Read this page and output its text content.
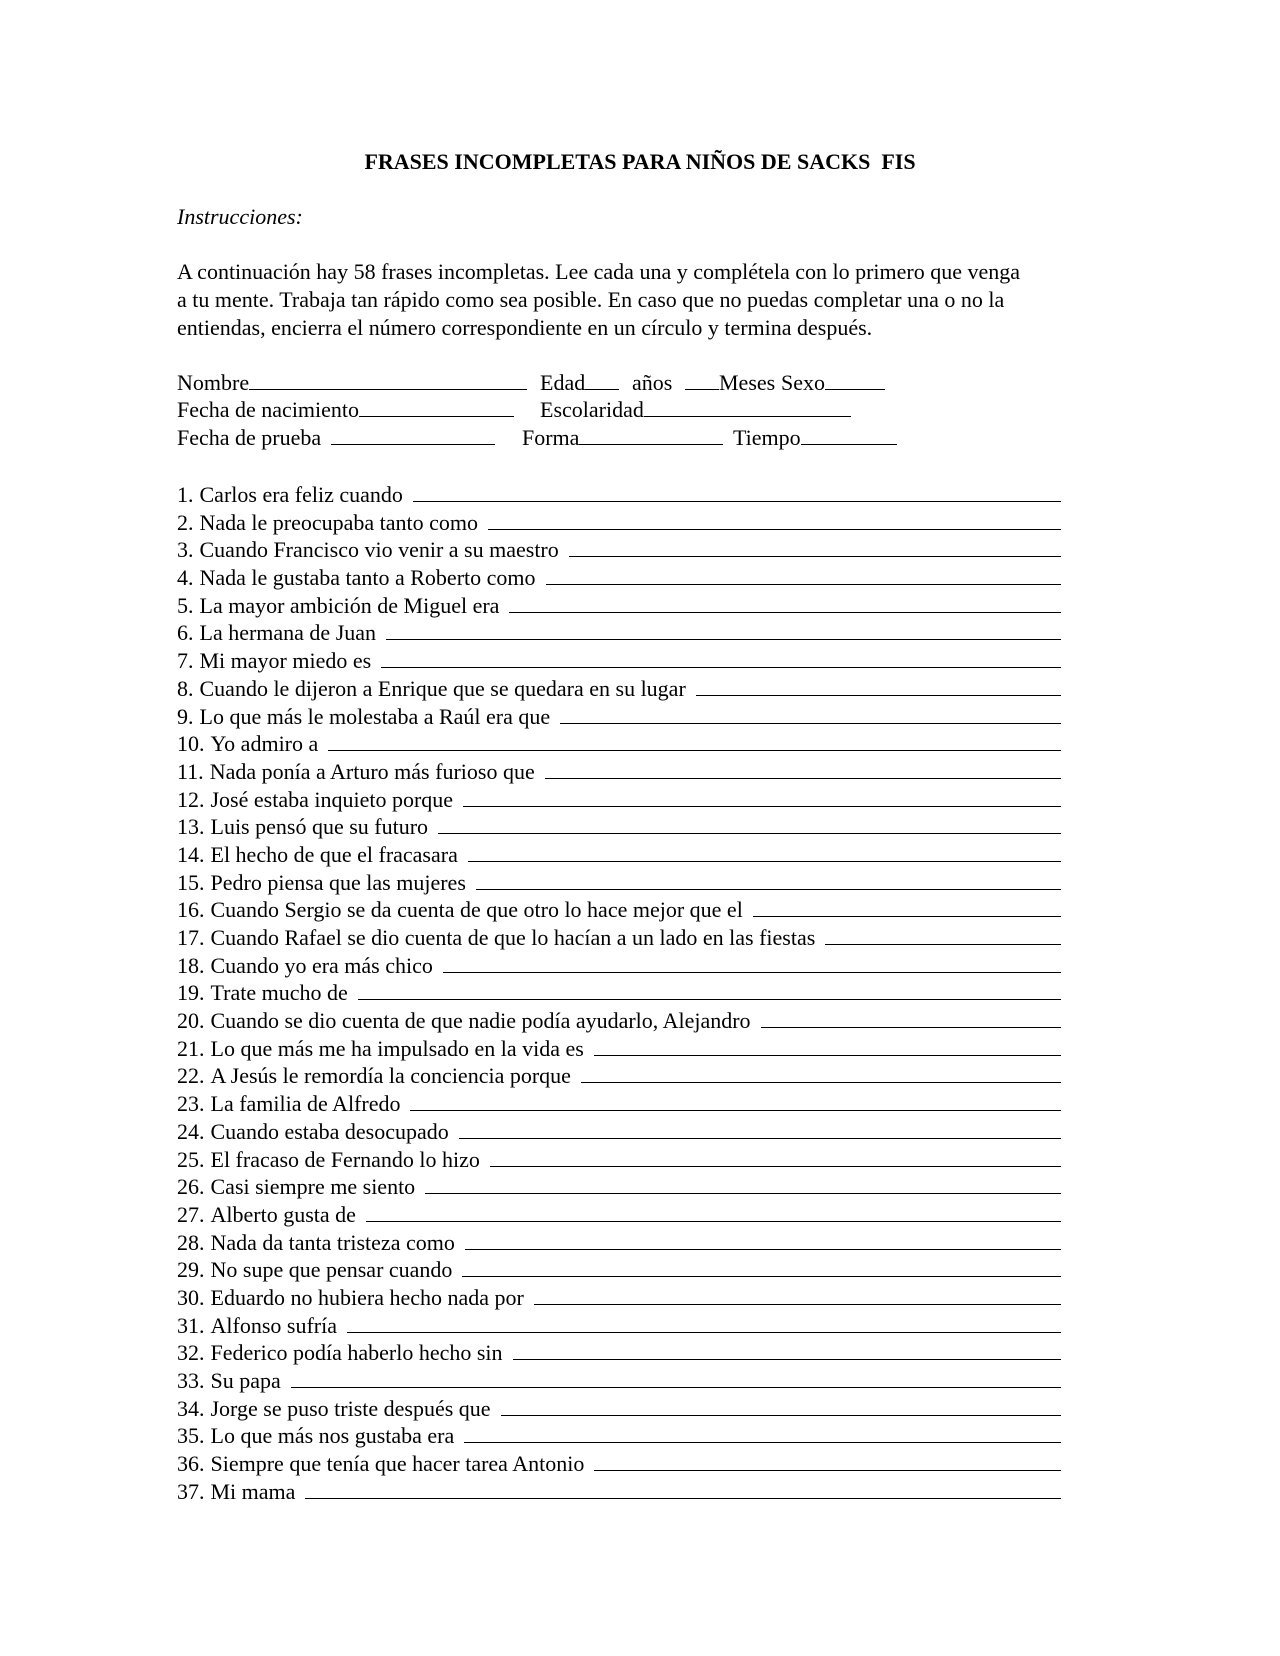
FRASES INCOMPLETAS PARA NIÑOS DE SACKS  FIS
Instrucciones:
A continuación hay 58 frases incompletas. Lee cada una y complétela con lo primero que venga
a tu mente. Trabaja tan rápido como sea posible. En caso que no puedas completar una o no la
entiendas, encierra el número correspondiente en un círculo y termina después.
Nombre	Edad años Meses Sexo
Fecha de nacimiento	Escolaridad
Fecha de prueba	Forma	Tiempo
1. Carlos era feliz cuando
2. Nada le preocupaba tanto como
3. Cuando Francisco vio venir a su maestro
4. Nada le gustaba tanto a Roberto como
5. La mayor ambición de Miguel era
6. La hermana de Juan
7. Mi mayor miedo es
8. Cuando le dijeron a Enrique que se quedara en su lugar
9. Lo que más le molestaba a Raúl era que
10. Yo admiro a
11. Nada ponía a Arturo más furioso que
12. José estaba inquieto porque
13. Luis pensó que su futuro
14. El hecho de que el fracasara
15. Pedro piensa que las mujeres
16. Cuando Sergio se da cuenta de que otro lo hace mejor que el
17. Cuando Rafael se dio cuenta de que lo hacían a un lado en las fiestas
18. Cuando yo era más chico
19. Trate mucho de
20. Cuando se dio cuenta de que nadie podía ayudarlo, Alejandro
21. Lo que más me ha impulsado en la vida es
22. A Jesús le remordía la conciencia porque
23. La familia de Alfredo
24. Cuando estaba desocupado
25. El fracaso de Fernando lo hizo
26. Casi siempre me siento
27. Alberto gusta de
28. Nada da tanta tristeza como
29. No supe que pensar cuando
30. Eduardo no hubiera hecho nada por
31. Alfonso sufría
32. Federico podía haberlo hecho sin
33. Su papa
34. Jorge se puso triste después que
35. Lo que más nos gustaba era
36. Siempre que tenía que hacer tarea Antonio
37. Mi mama
